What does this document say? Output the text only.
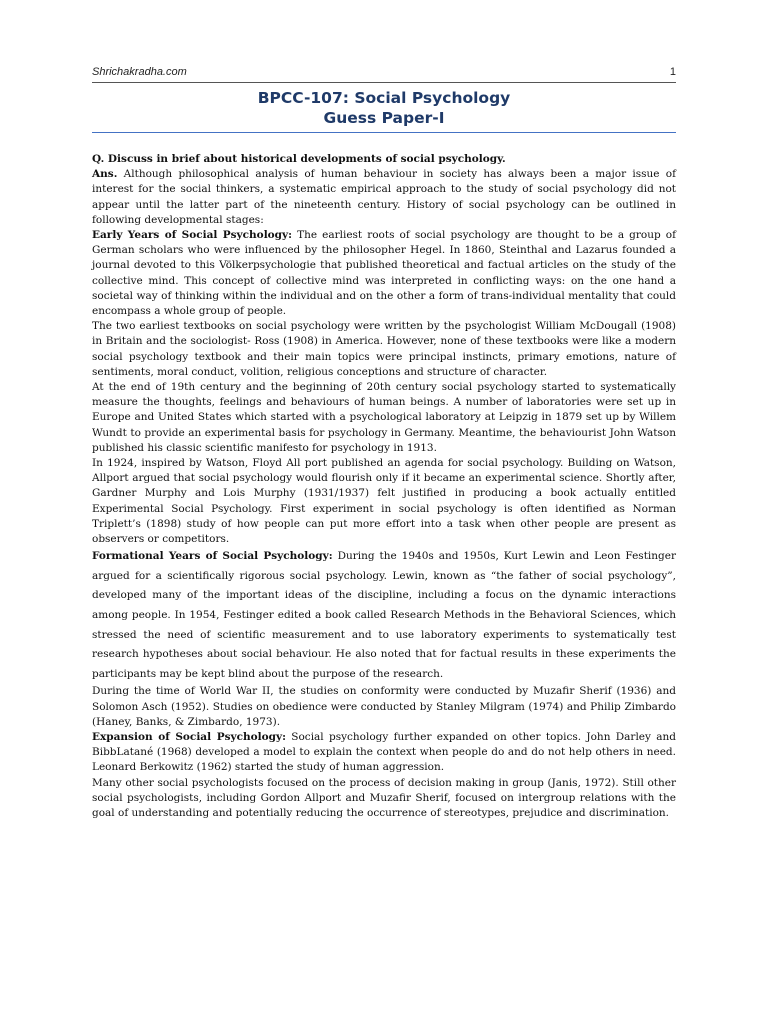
Shrichakradha.com	1
BPCC-107: Social Psychology
Guess Paper-I

Q. Discuss in brief about historical developments of social psychology.

Ans. Although philosophical analysis of human behaviour in society has always been a major issue of interest for the social thinkers, a systematic empirical approach to the study of social psychology did not appear until the latter part of the nineteenth century. History of social psychology can be outlined in following developmental stages:

Early Years of Social Psychology: The earliest roots of social psychology are thought to be a group of German scholars who were influenced by the philosopher Hegel. In 1860, Steinthal and Lazarus founded a journal devoted to this Völkerpsychologie that published theoretical and factual articles on the study of the collective mind. This concept of collective mind was interpreted in conflicting ways: on the one hand a societal way of thinking within the individual and on the other a form of trans-individual mentality that could encompass a whole group of people.

The two earliest textbooks on social psychology were written by the psychologist William McDougall (1908) in Britain and the sociologist- Ross (1908) in America. However, none of these textbooks were like a modern social psychology textbook and their main topics were principal instincts, primary emotions, nature of sentiments, moral conduct, volition, religious conceptions and structure of character.

At the end of 19th century and the beginning of 20th century social psychology started to systematically measure the thoughts, feelings and behaviours of human beings. A number of laboratories were set up in Europe and United States which started with a psychological laboratory at Leipzig in 1879 set up by Willem Wundt to provide an experimental basis for psychology in Germany. Meantime, the behaviourist John Watson published his classic scientific manifesto for psychology in 1913.

In 1924, inspired by Watson, Floyd All port published an agenda for social psychology. Building on Watson, Allport argued that social psychology would flourish only if it became an experimental science. Shortly after, Gardner Murphy and Lois Murphy (1931/1937) felt justified in producing a book actually entitled Experimental Social Psychology. First experiment in social psychology is often identified as Norman Triplett’s (1898) study of how people can put more effort into a task when other people are present as observers or competitors.

Formational Years of Social Psychology: During the 1940s and 1950s, Kurt Lewin and Leon Festinger argued for a scientifically rigorous social psychology. Lewin, known as “the father of social psychology”, developed many of the important ideas of the discipline, including a focus on the dynamic interactions among people. In 1954, Festinger edited a book called Research Methods in the Behavioral Sciences, which stressed the need of scientific measurement and to use laboratory experiments to systematically test research hypotheses about social behaviour. He also noted that for factual results in these experiments the participants may be kept blind about the purpose of the research.

During the time of World War II, the studies on conformity were conducted by Muzafir Sherif (1936) and Solomon Asch (1952). Studies on obedience were conducted by Stanley Milgram (1974) and Philip Zimbardo (Haney, Banks, & Zimbardo, 1973).

Expansion of Social Psychology: Social psychology further expanded on other topics. John Darley and BibbLatané (1968) developed a model to explain the context when people do and do not help others in need. Leonard Berkowitz (1962) started the study of human aggression.

Many other social psychologists focused on the process of decision making in group (Janis, 1972). Still other social psychologists, including Gordon Allport and Muzafir Sherif, focused on intergroup relations with the goal of understanding and potentially reducing the occurrence of stereotypes, prejudice and discrimination.
